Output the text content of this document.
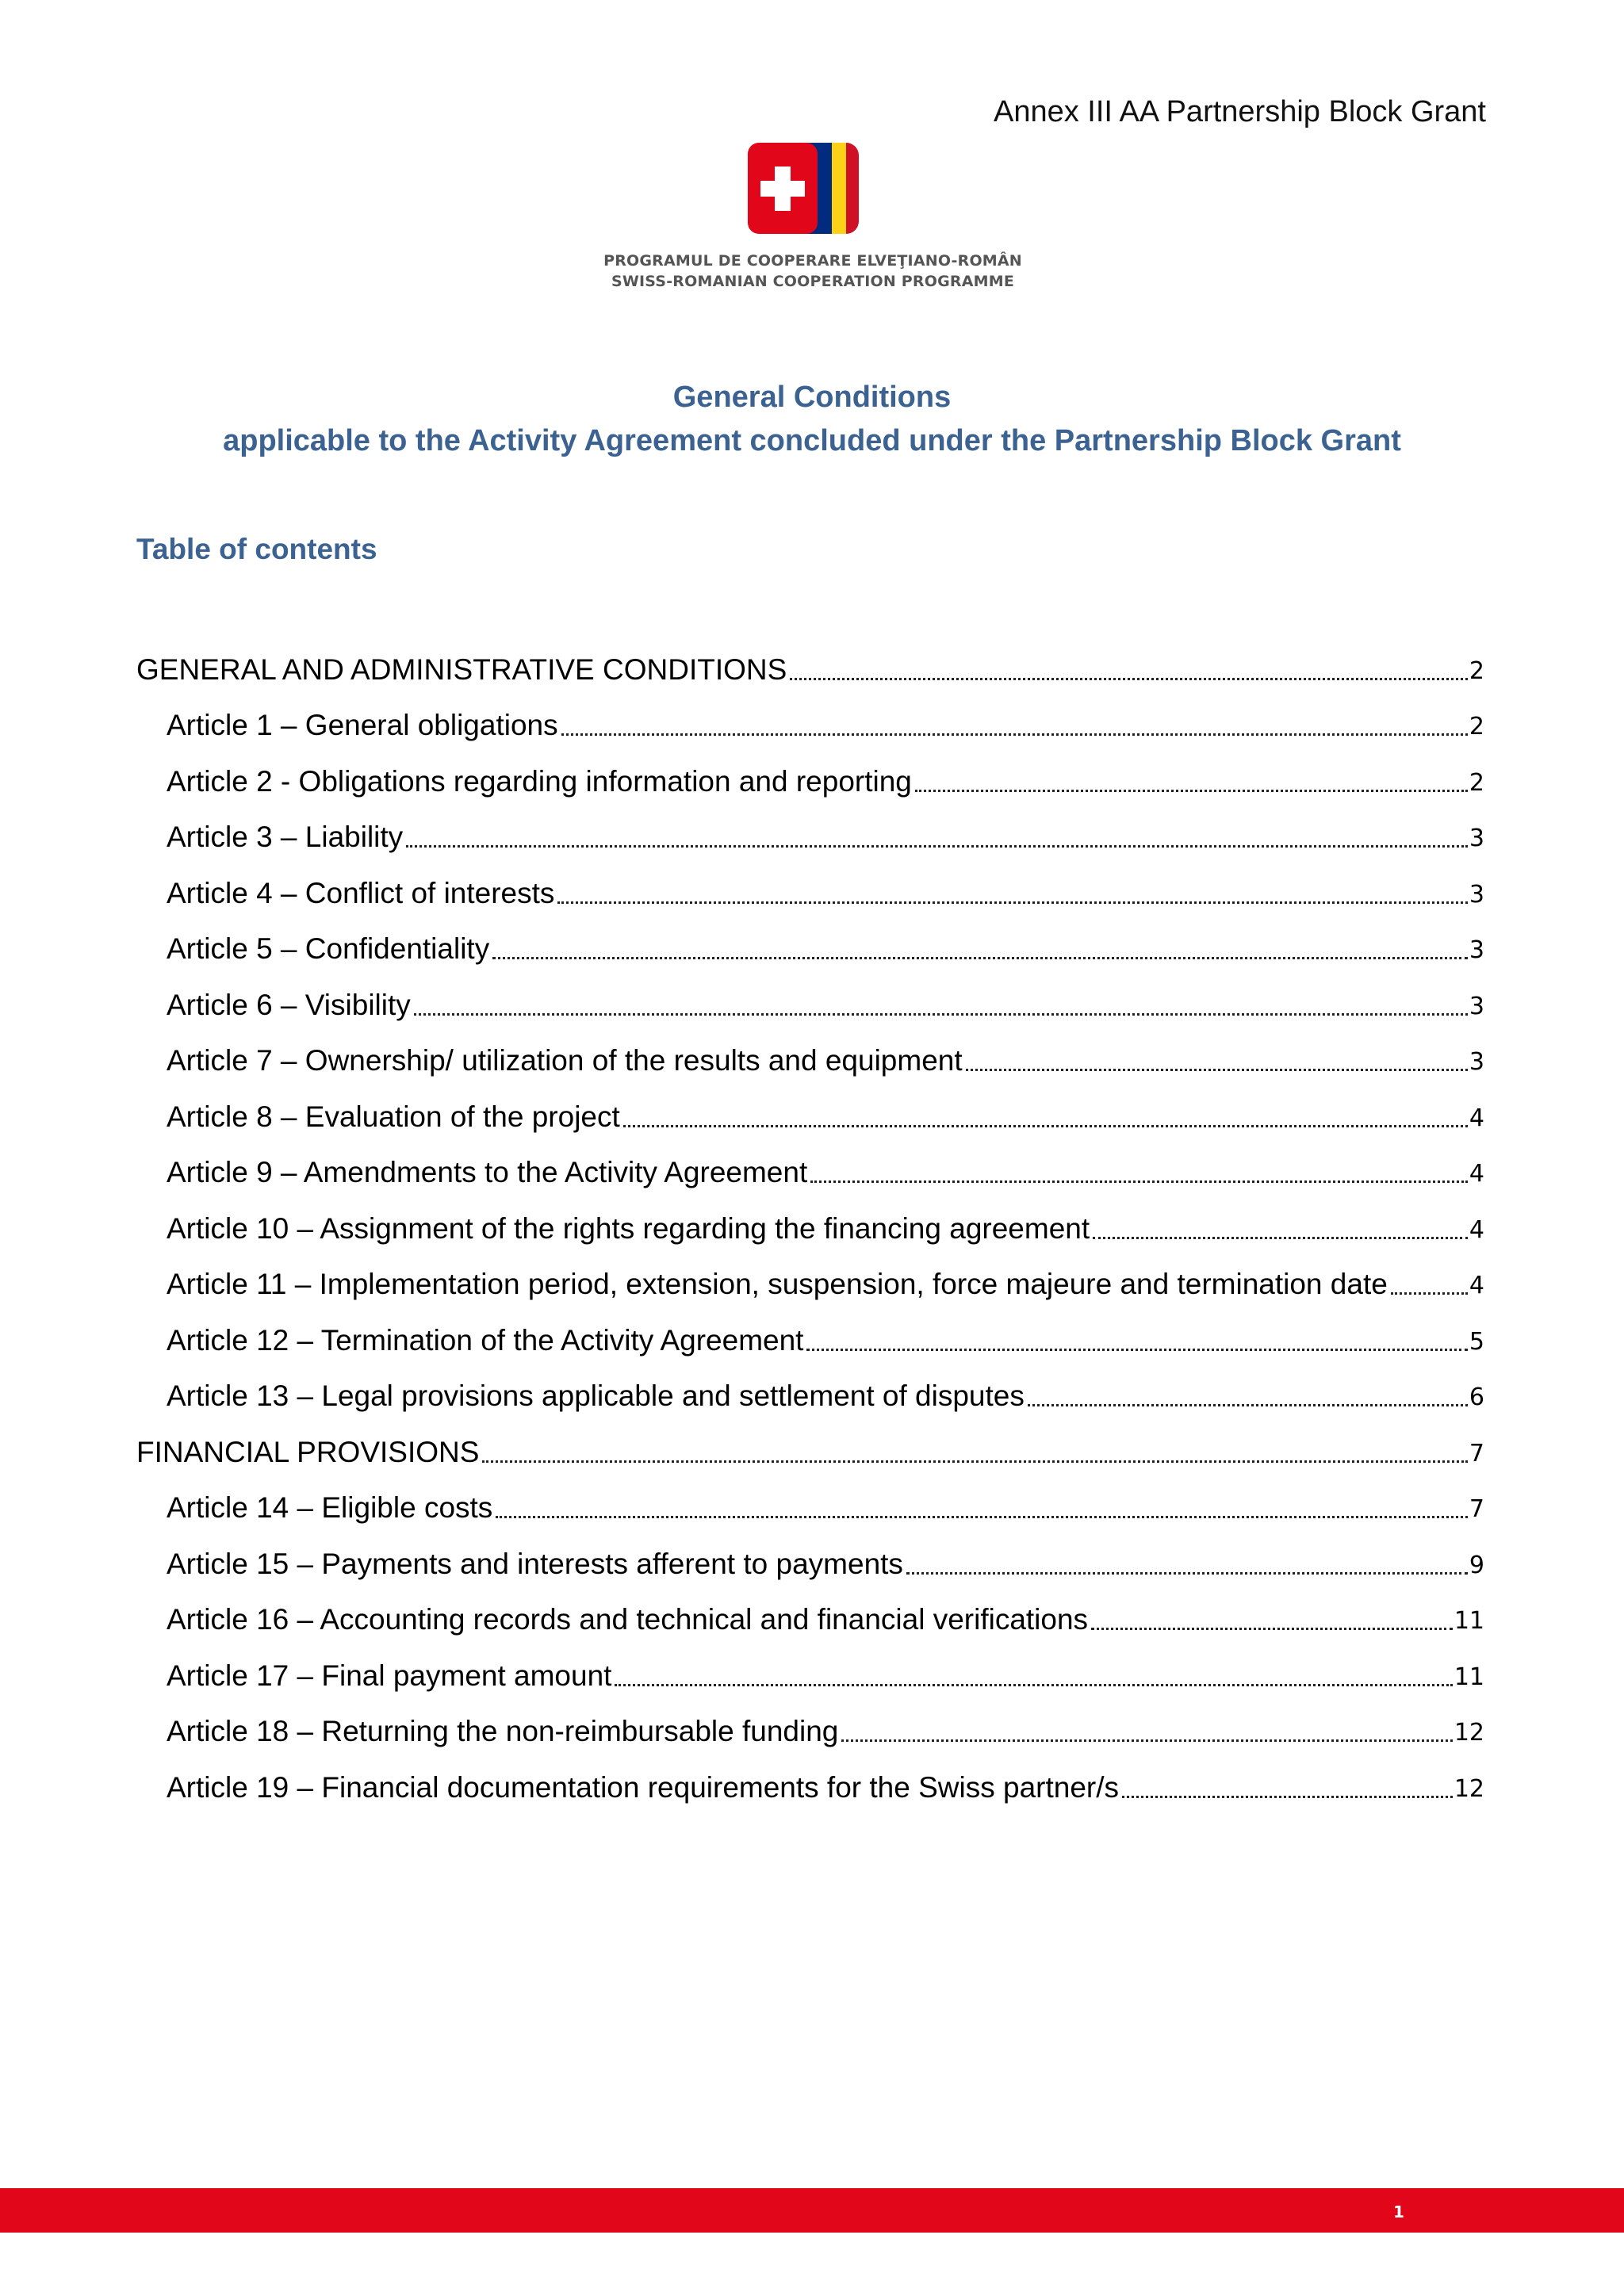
Annex III AA Partnership Block Grant
PROGRAMUL DE COOPERARE ELVEŢIANO-ROMÂN
SWISS-ROMANIAN COOPERATION PROGRAMME
General Conditions
applicable to the Activity Agreement concluded under the Partnership Block Grant
Table of contents
GENERAL AND ADMINISTRATIVE CONDITIONS	2
Article 1 – General obligations	2
Article 2 - Obligations regarding information and reporting	2
Article 3 – Liability	3
Article 4 – Conflict of interests	3
Article 5 – Confidentiality	3
Article 6 – Visibility	3
Article 7 – Ownership/ utilization of the results and equipment	3
Article 8 – Evaluation of the project	4
Article 9 – Amendments to the Activity Agreement	4
Article 10 – Assignment of the rights regarding the financing agreement	4
Article 11 – Implementation period, extension, suspension, force majeure and termination date	4
Article 12 – Termination of the Activity Agreement	5
Article 13 – Legal provisions applicable and settlement of disputes	6
FINANCIAL PROVISIONS	7
Article 14 – Eligible costs	7
Article 15 – Payments and interests afferent to payments	9
Article 16 – Accounting records and technical and financial verifications	11
Article 17 – Final payment amount	11
Article 18 – Returning the non-reimbursable funding	12
Article 19 – Financial documentation requirements for the Swiss partner/s	12
1
